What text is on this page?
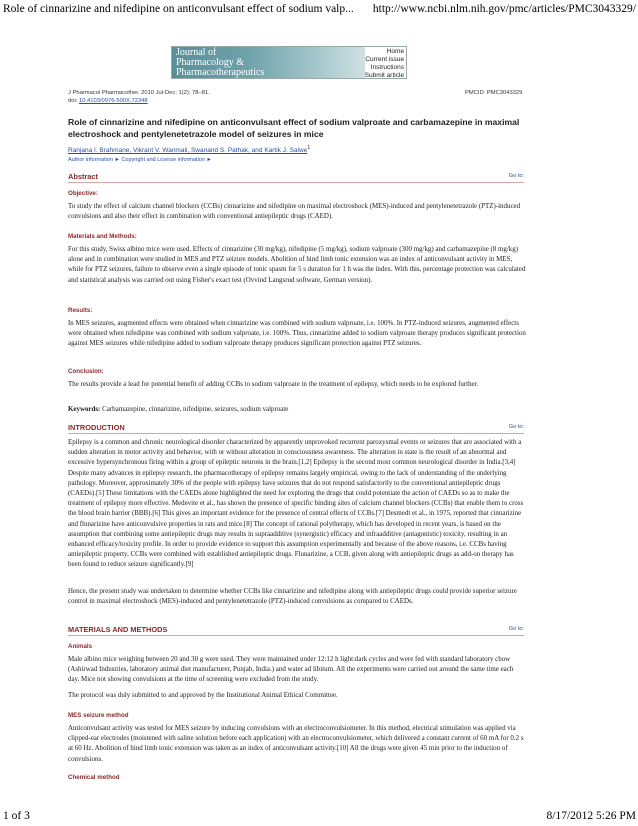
Role of cinnarizine and nifedipine on anticonvulsant effect of sodium valp... http://www.ncbi.nlm.nih.gov/pmc/articles/PMC3043329/
Journal of
Pharmacology &
Pharmacotherapeutics
Home
Current issue
Instructions
Submit article
J Pharmacol Pharmacother. 2010 Jul-Dec; 1(2): 78–81.	PMCID: PMC3043329
doi: 10.4103/0976-500X.72348
Role of cinnarizine and nifedipine on anticonvulsant effect of sodium valproate and carbamazepine in maximal electroshock and pentylenetetrazole model of seizures in mice
Ranjana I. Brahmane, Vikrant V. Wanmali, Swanand S. Pathak, and Kartik J. Salwe$^1$
Author information ► Copyright and License information ►
Abstract	Go to:
Objective:
To study the effect of calcium channel blockers (CCBs) cinnarizine and nifedipine on maximal electroshock (MES)-induced and pentylenetetrazole (PTZ)-induced convulsions and also their effect in combination with conventional antiepileptic drugs (CAED).
Materials and Methods:
For this study, Swiss albino mice were used. Effects of cinnarizine (30 mg/kg), nifedipine (5 mg/kg), sodium valproate (300 mg/kg) and carbamazepine (8 mg/kg) alone and in combination were studied in MES and PTZ seizure models. Abolition of hind limb tonic extension was an index of anticonvulsant activity in MES, while for PTZ seizures, failure to observe even a single episode of tonic spasm for 5 s duration for 1 h was the index. With this, percentage protection was calculated and statistical analysis was carried out using Fisher's exact test (Ovvind Langsrud software, German version).
Results:
In MES seizures, augmented effects were obtained when cinnarizine was combined with sodium valproate, i.e. 100%. In PTZ-induced seizures, augmented effects were obtained when nifedipine was combined with sodium valproate, i.e. 100%. Thus, cinnarizine added to sodium valproate therapy produces significant protection against MES seizures while nifedipine added to sodium valproate therapy produces significant protection against PTZ seizures.
Conclusion:
The results provide a lead for potential benefit of adding CCBs to sodium valproate in the treatment of epilepsy, which needs to be explored further.
Keywords: Carbamazepine, cinnarizine, nifedipine, seizures, sodium valproate
INTRODUCTION	Go to:
Epilepsy is a common and chronic neurological disorder characterized by apparently unprovoked recurrent paroxysmal events or seizures that are associated with a sudden alteration in motor activity and behavior, with or without alteration in consciousness awareness. The alteration in state is the result of an abnormal and excessive hypersynchronous firing within a group of epileptic neurons in the brain.[1,2] Epilepsy is the second most common neurological disorder in India.[3,4] Despite many advances in epilepsy research, the pharmacotherapy of epilepsy remains largely empirical, owing to the lack of understanding of the underlying pathology. Moreover, approximately 30% of the people with epilepsy have seizures that do not respond satisfactorily to the conventional antiepileptic drugs (CAEDs).[5] These limitations with the CAEDs alone highlighted the need for exploring the drugs that could potentiate the action of CAEDs so as to make the treatment of epilepsy more effective. Medevite et al., has shown the presence of specific binding sites of calcium channel blockers (CCBs) that enable them to cross the blood brain barrier (BBB).[6] This gives an important evidence for the presence of central effects of CCBs.[7] Desmedt et al., in 1975, reported that cinnarizine and flunarizine have anticonvulsive properties in rats and mice.[8] The concept of rational polytherapy, which has developed in recent years, is based on the assumption that combining some antiepileptic drugs may results in supraadditive (synergistic) efficacy and infraadditive (antagonistic) toxicity, resulting in an enhanced efficacy/toxicity profile. In order to provide evidence to support this assumption experimentally and because of the above reasons, i.e. CCBs having antiepileptic property, CCBs were combined with established antiepileptic drugs. Flunarizine, a CCB, given along with antiepileptic drugs as add-on therapy has been found to reduce seizure significantly.[9]
Hence, the present study was undertaken to determine whether CCBs like cinnarizine and nifedipine along with antiepileptic drugs could provide superior seizure control in maximal electroshock (MES)-induced and pentylenetetrazole (PTZ)-induced convulsions as compared to CAEDs.
MATERIALS AND METHODS	Go to:
Animals
Male albino mice weighing between 20 and 30 g were used. They were maintained under 12:12 h light:dark cycles and were fed with standard laboratory chow (Ashirwad Industries, laboratory animal diet manufacturer, Punjab, India.) and water ad libitum. All the experiments were carried out around the same time each day. Mice not showing convulsions at the time of screening were excluded from the study.
The protocol was duly submitted to and approved by the Institutional Animal Ethical Committee.
MES seizure method
Anticonvulsant activity was tested for MES seizure by inducing convulsions with an electroconvulsiometer. In this method, electrical stimulation was applied via clipped-ear electrodes (moistened with saline solution before each application) with an electroconvulsiometer, which delivered a constant current of 60 mA for 0.2 s at 60 Hz. Abolition of hind limb tonic extension was taken as an index of anticonvulsant activity.[10] All the drugs were given 45 min prior to the induction of convulsions.
Chemical method
1 of 3	8/17/2012 5:26 PM
